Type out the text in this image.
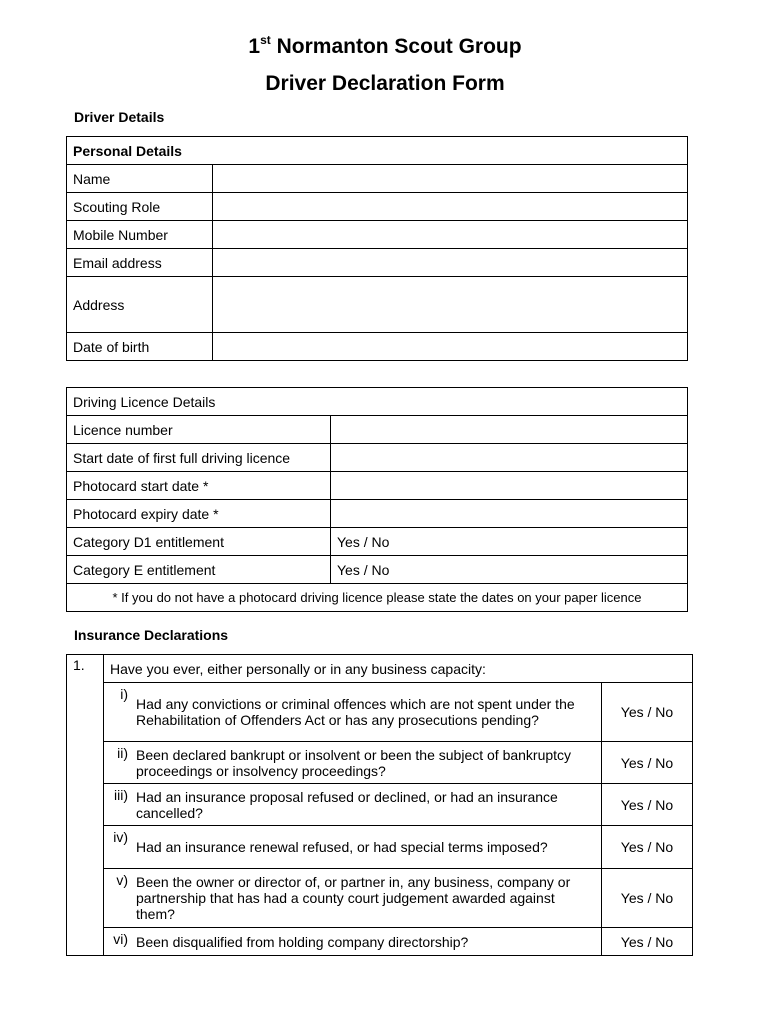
1st Normanton Scout Group
Driver Declaration Form
Driver Details
Personal Details	
Name	
Scouting Role	
Mobile Number	
Email address	
Address	
Date of birth	
Driving Licence Details	
Licence number	
Start date of first full driving licence	
Photocard start date *	
Photocard expiry date *	
Category D1 entitlement	Yes / No
Category E entitlement	Yes / No
* If you do not have a photocard driving licence please state the dates on your paper licence	
Insurance Declarations
1.	Have you ever, either personally or in any business capacity:		
	i)	Had any convictions or criminal offences which are not spent under the Rehabilitation of Offenders Act or has any prosecutions pending?	Yes / No
	ii)	Been declared bankrupt or insolvent or been the subject of bankruptcy proceedings or insolvency proceedings?	Yes / No
	iii)	Had an insurance proposal refused or declined, or had an insurance cancelled?	Yes / No
	iv)	Had an insurance renewal refused, or had special terms imposed?	Yes / No
	v)	Been the owner or director of, or partner in, any business, company or partnership that has had a county court judgement awarded against them?	Yes / No
	vi)	Been disqualified from holding company directorship?	Yes / No
